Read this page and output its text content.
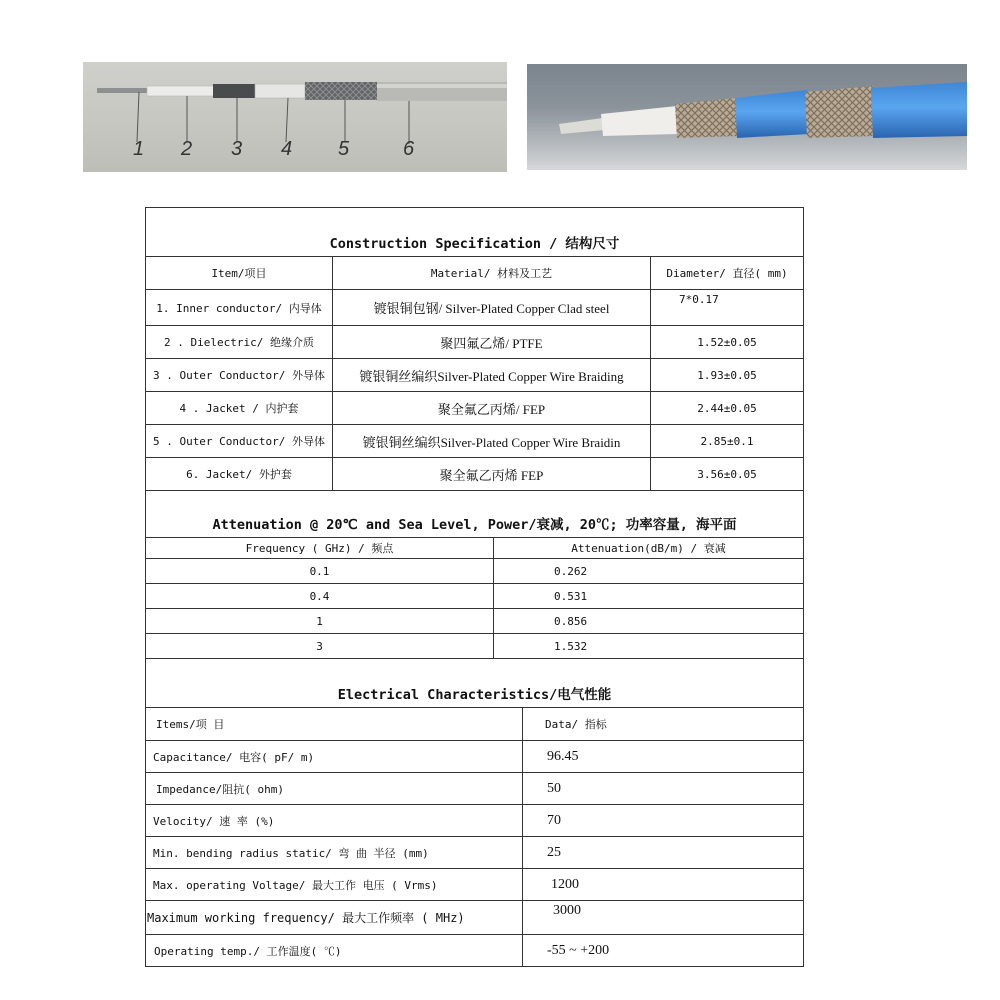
1 2 3 4 5	6
Construction Specification / 结构尺寸		
Item/项目	Material/ 材料及工艺	Diameter/ 直径( mm)
1. Inner conductor/ 内导体	镀银铜包钢/ Silver-Plated Copper Clad steel	7*0.17
2 . Dielectric/ 绝缘介质	聚四氟乙烯/ PTFE	1.52±0.05
3 . Outer Conductor/ 外导体	镀银铜丝编织Silver-Plated Copper Wire Braiding	1.93±0.05
4 . Jacket / 内护套	聚全氟乙丙烯/ FEP	2.44±0.05
5 . Outer Conductor/ 外导体	镀银铜丝编织Silver-Plated Copper Wire Braidin	2.85±0.1
6. Jacket/ 外护套	聚全氟乙丙烯 FEP	3.56±0.05
Attenuation @ 20℃ and Sea Level, Power/衰减, 20℃; 功率容量, 海平面	
Frequency ( GHz) / 频点	Attenuation(dB/m) / 衰减
0.1	0.262
0.4	0.531
1	0.856
3	1.532
Electrical Characteristics/电气性能	
Items/项 目	Data/ 指标
Capacitance/ 电容( pF/ m)	96.45
Impedance/阻抗( ohm)	50
Velocity/ 速 率 (%)	70
Min. bending radius static/ 弯 曲 半径 (mm)	25
Max. operating Voltage/ 最大工作 电压 ( Vrms)	1200
Maximum working frequency/ 最大工作频率 ( MHz)	3000
Operating temp./ 工作温度( ℃)	-55 ~ +200
